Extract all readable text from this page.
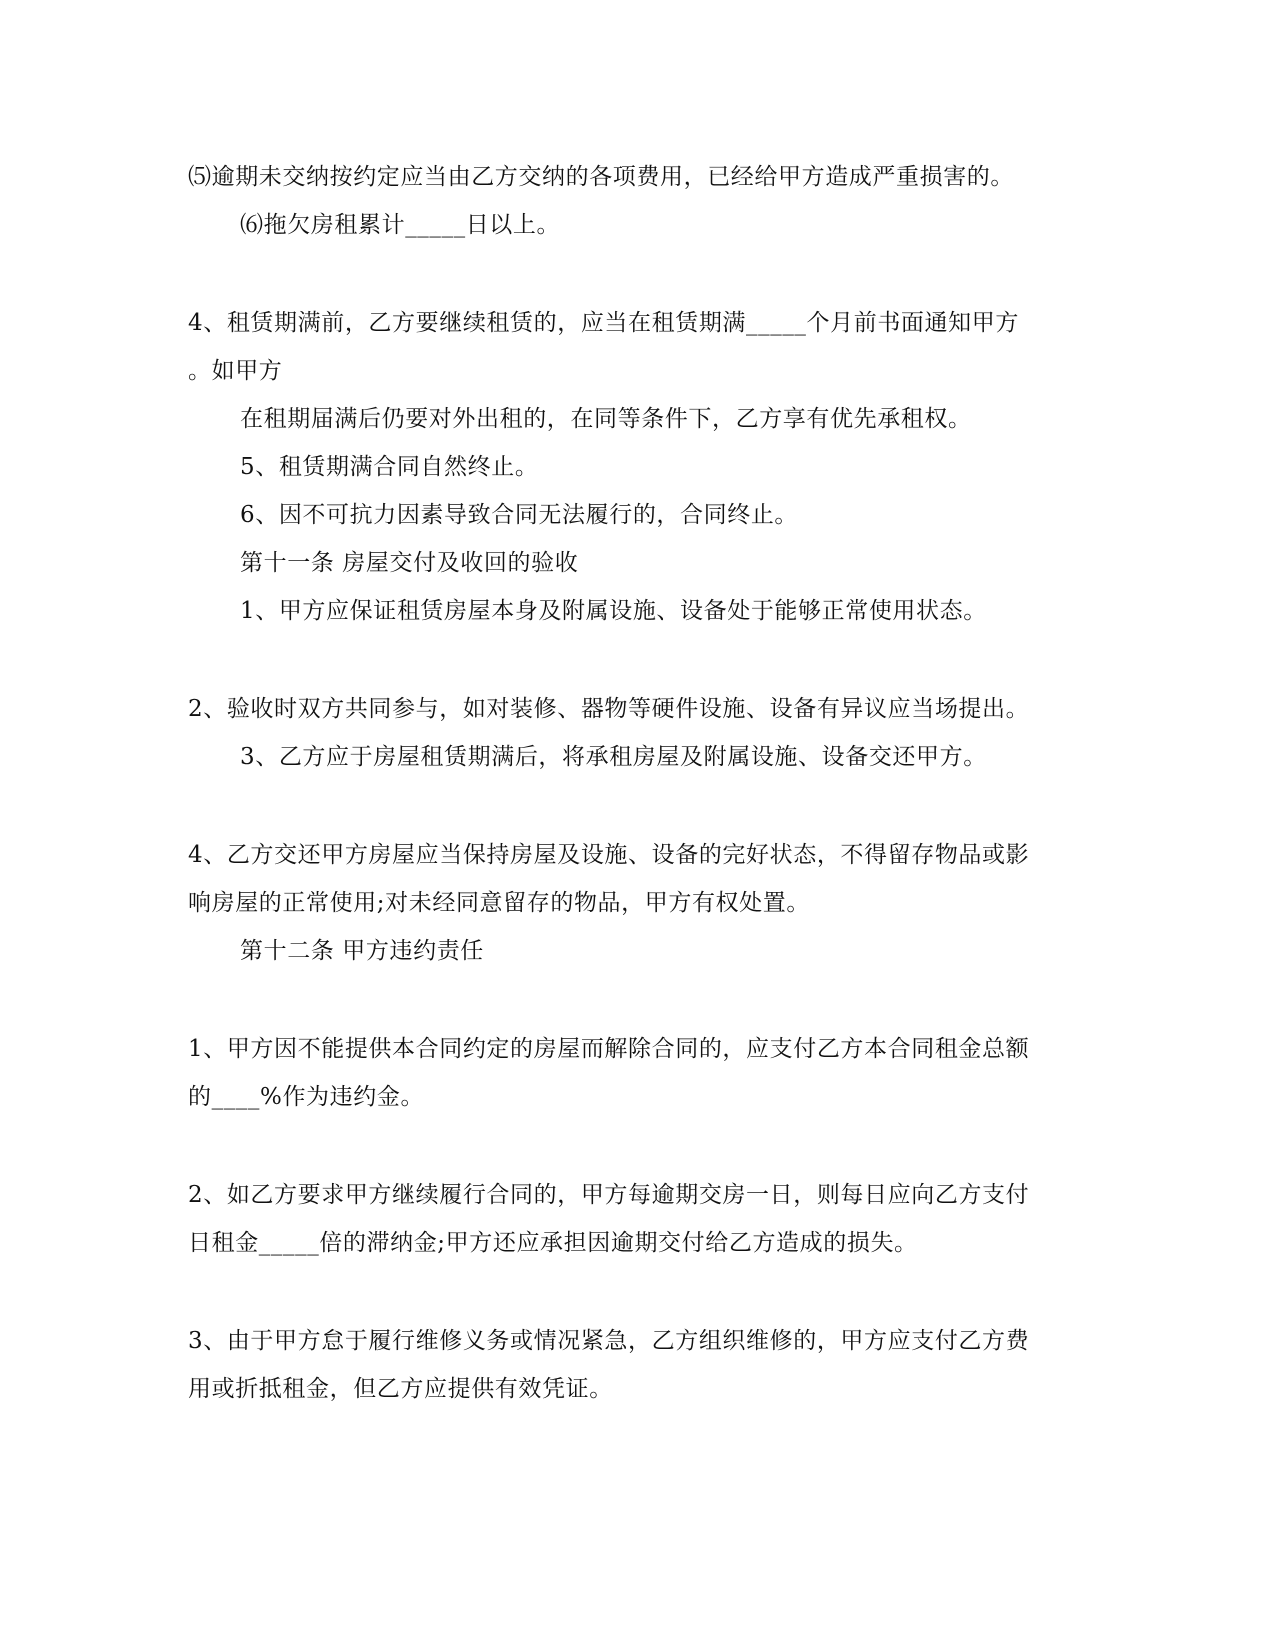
⑸逾期未交纳按约定应当由乙方交纳的各项费用，已经给甲方造成严重损害的。
⑹拖欠房租累计_____日以上。
4、租赁期满前，乙方要继续租赁的，应当在租赁期满_____个月前书面通知甲方
。如甲方
在租期届满后仍要对外出租的，在同等条件下，乙方享有优先承租权。
5、租赁期满合同自然终止。
6、因不可抗力因素导致合同无法履行的，合同终止。
第十一条 房屋交付及收回的验收
1、甲方应保证租赁房屋本身及附属设施、设备处于能够正常使用状态。
2、验收时双方共同参与，如对装修、器物等硬件设施、设备有异议应当场提出。
3、乙方应于房屋租赁期满后，将承租房屋及附属设施、设备交还甲方。
4、乙方交还甲方房屋应当保持房屋及设施、设备的完好状态，不得留存物品或影
响房屋的正常使用;对未经同意留存的物品，甲方有权处置。
第十二条 甲方违约责任
1、甲方因不能提供本合同约定的房屋而解除合同的，应支付乙方本合同租金总额
的____%作为违约金。
2、如乙方要求甲方继续履行合同的，甲方每逾期交房一日，则每日应向乙方支付
日租金_____倍的滞纳金;甲方还应承担因逾期交付给乙方造成的损失。
3、由于甲方怠于履行维修义务或情况紧急，乙方组织维修的，甲方应支付乙方费
用或折抵租金，但乙方应提供有效凭证。
